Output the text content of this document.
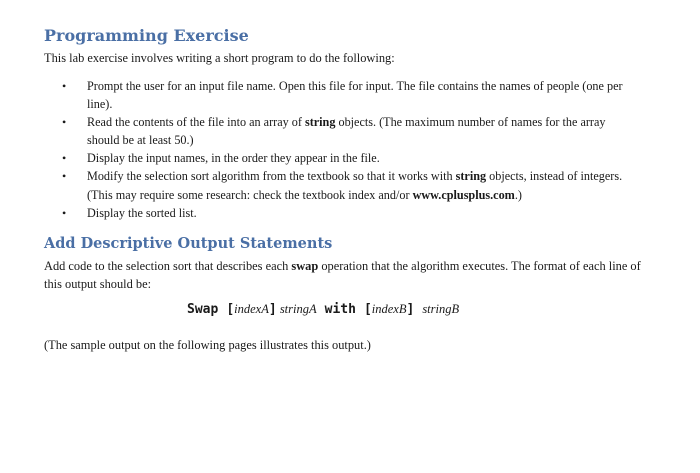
Programming Exercise

This lab exercise involves writing a short program to do the following:

• Prompt the user for an input file name. Open this file for input. The file contains the names of people (one per line).
• Read the contents of the file into an array of string objects. (The maximum number of names for the array should be at least 50.)
• Display the input names, in the order they appear in the file.
• Modify the selection sort algorithm from the textbook so that it works with string objects, instead of integers. (This may require some research: check the textbook index and/or www.cplusplus.com.)
• Display the sorted list.
Add Descriptive Output Statements

Add code to the selection sort that describes each swap operation that the algorithm executes. The format of each line of this output should be:

Swap [indexA] stringA with [indexB] stringB

(The sample output on the following pages illustrates this output.)
